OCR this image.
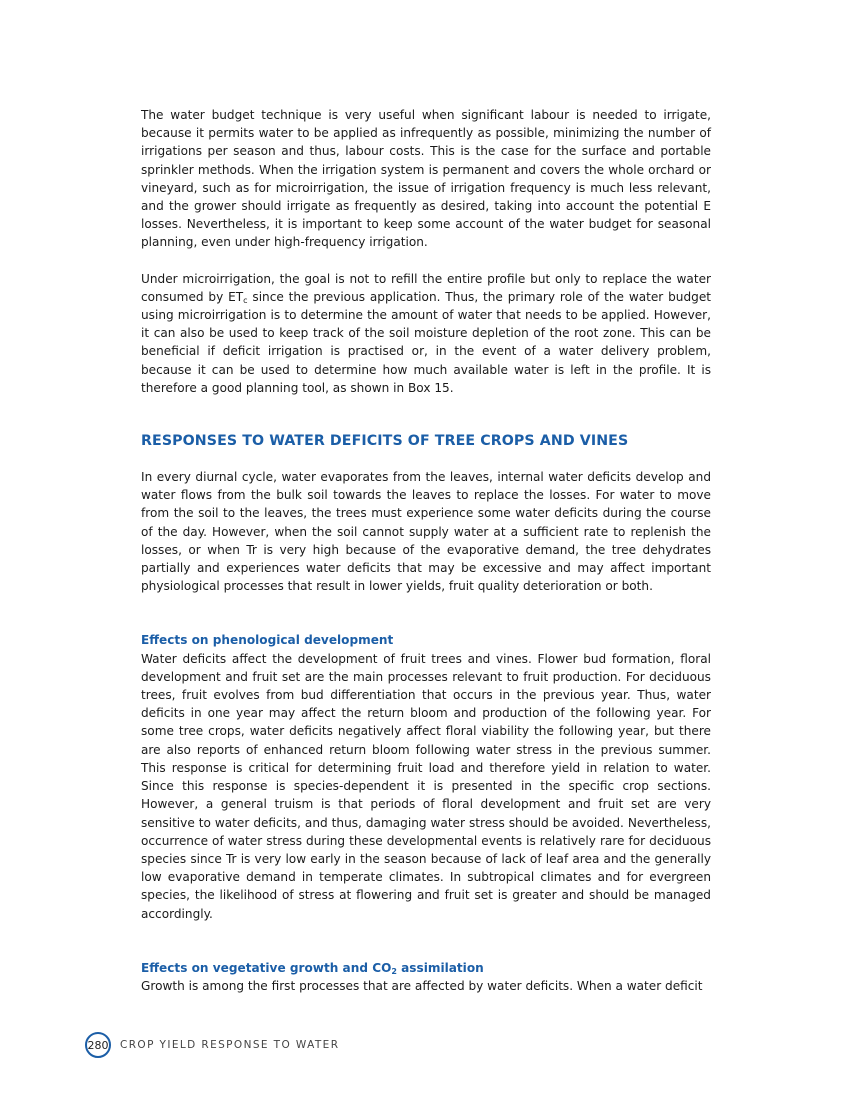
The water budget technique is very useful when significant labour is needed to irrigate, because it permits water to be applied as infrequently as possible, minimizing the number of irrigations per season and thus, labour costs. This is the case for the surface and portable sprinkler methods. When the irrigation system is permanent and covers the whole orchard or vineyard, such as for microirrigation, the issue of irrigation frequency is much less relevant, and the grower should irrigate as frequently as desired, taking into account the potential E losses. Nevertheless, it is important to keep some account of the water budget for seasonal planning, even under high-frequency irrigation.

Under microirrigation, the goal is not to refill the entire profile but only to replace the water consumed by $ET_c$ since the previous application. Thus, the primary role of the water budget using microirrigation is to determine the amount of water that needs to be applied. However, it can also be used to keep track of the soil moisture depletion of the root zone. This can be beneficial if deficit irrigation is practised or, in the event of a water delivery problem, because it can be used to determine how much available water is left in the profile. It is therefore a good planning tool, as shown in Box 15.

RESPONSES TO WATER DEFICITS OF TREE CROPS AND VINES

In every diurnal cycle, water evaporates from the leaves, internal water deficits develop and water flows from the bulk soil towards the leaves to replace the losses. For water to move from the soil to the leaves, the trees must experience some water deficits during the course of the day. However, when the soil cannot supply water at a sufficient rate to replenish the losses, or when Tr is very high because of the evaporative demand, the tree dehydrates partially and experiences water deficits that may be excessive and may affect important physiological processes that result in lower yields, fruit quality deterioration or both.

Effects on phenological development

Water deficits affect the development of fruit trees and vines. Flower bud formation, floral development and fruit set are the main processes relevant to fruit production. For deciduous trees, fruit evolves from bud differentiation that occurs in the previous year. Thus, water deficits in one year may affect the return bloom and production of the following year. For some tree crops, water deficits negatively affect floral viability the following year, but there are also reports of enhanced return bloom following water stress in the previous summer. This response is critical for determining fruit load and therefore yield in relation to water. Since this response is species-dependent it is presented in the specific crop sections. However, a general truism is that periods of floral development and fruit set are very sensitive to water deficits, and thus, damaging water stress should be avoided. Nevertheless, occurrence of water stress during these developmental events is relatively rare for deciduous species since Tr is very low early in the season because of lack of leaf area and the generally low evaporative demand in temperate climates. In subtropical climates and for evergreen species, the likelihood of stress at flowering and fruit set is greater and should be managed accordingly.

Effects on vegetative growth and $CO_2$ assimilation

Growth is among the first processes that are affected by water deficits. When a water deficit

280 CROP YIELD RESPONSE TO WATER
